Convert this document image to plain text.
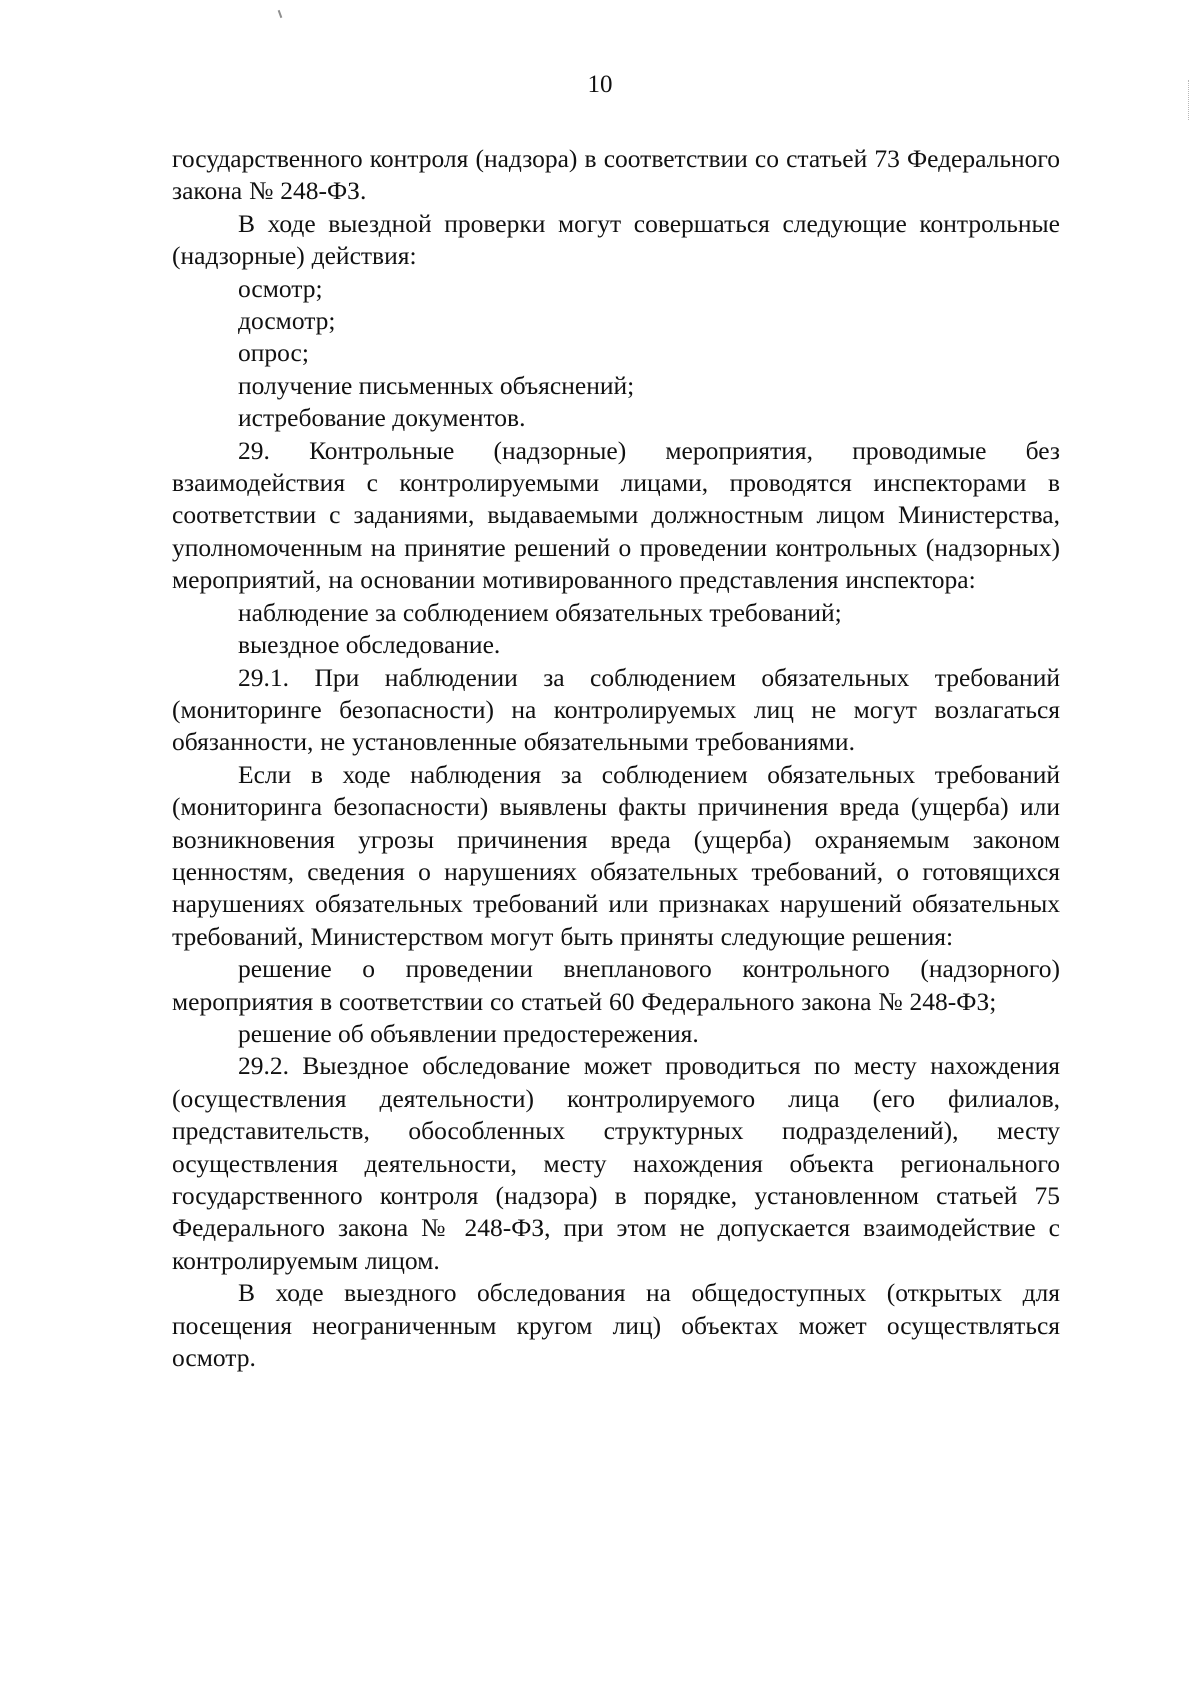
10

государственного контроля (надзора) в соответствии со статьей 73 Федерального закона № 248-ФЗ.

В ходе выездной проверки могут совершаться следующие контрольные (надзорные) действия:

осмотр;

досмотр;

опрос;

получение письменных объяснений;

истребование документов.

29. Контрольные (надзорные) мероприятия, проводимые без взаимодействия с контролируемыми лицами, проводятся инспекторами в соответствии с заданиями, выдаваемыми должностным лицом Министерства, уполномоченным на принятие решений о проведении контрольных (надзорных) мероприятий, на основании мотивированного представления инспектора:

наблюдение за соблюдением обязательных требований;

выездное обследование.

29.1. При наблюдении за соблюдением обязательных требований (мониторинге безопасности) на контролируемых лиц не могут возлагаться обязанности, не установленные обязательными требованиями.

Если в ходе наблюдения за соблюдением обязательных требований (мониторинга безопасности) выявлены факты причинения вреда (ущерба) или возникновения угрозы причинения вреда (ущерба) охраняемым законом ценностям, сведения о нарушениях обязательных требований, о готовящихся нарушениях обязательных требований или признаках нарушений обязательных требований, Министерством могут быть приняты следующие решения:

решение о проведении внепланового контрольного (надзорного) мероприятия в соответствии со статьей 60 Федерального закона № 248-ФЗ;

решение об объявлении предостережения.

29.2. Выездное обследование может проводиться по месту нахождения (осуществления деятельности) контролируемого лица (его филиалов, представительств, обособленных структурных подразделений), месту осуществления деятельности, месту нахождения объекта регионального государственного контроля (надзора) в порядке, установленном статьей 75 Федерального закона № 248-ФЗ, при этом не допускается взаимодействие с контролируемым лицом.

В ходе выездного обследования на общедоступных (открытых для посещения неограниченным кругом лиц) объектах может осуществляться осмотр.
